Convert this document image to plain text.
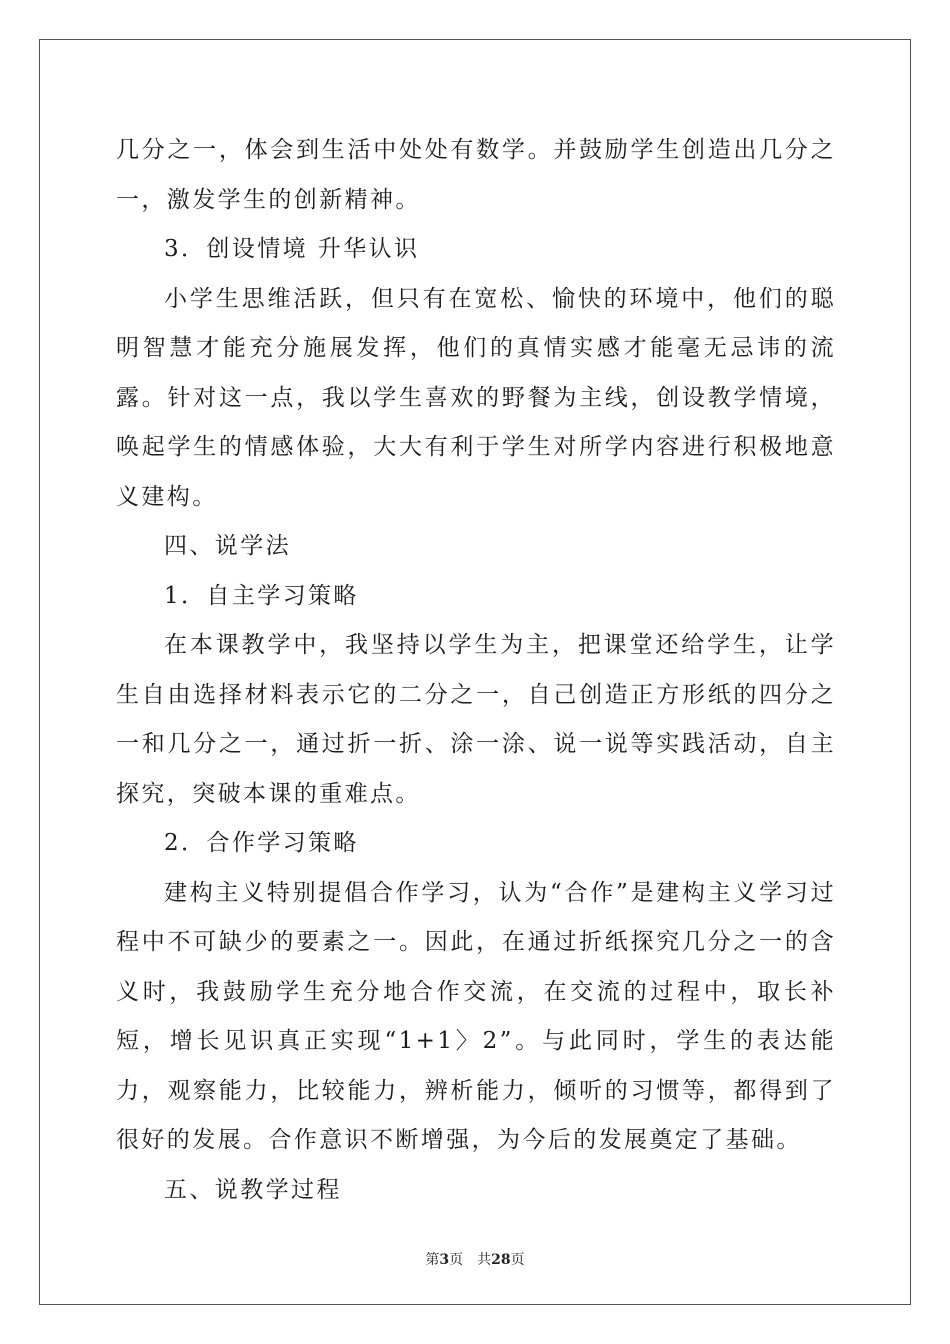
几分之一，体会到生活中处处有数学。并鼓励学生创造出几分之一，激发学生的创新精神。

3．创设情境 升华认识

小学生思维活跃，但只有在宽松、愉快的环境中，他们的聪明智慧才能充分施展发挥，他们的真情实感才能毫无忌讳的流露。针对这一点，我以学生喜欢的野餐为主线，创设教学情境，唤起学生的情感体验，大大有利于学生对所学内容进行积极地意义建构。

四、说学法

1．自主学习策略

在本课教学中，我坚持以学生为主，把课堂还给学生，让学生自由选择材料表示它的二分之一，自己创造正方形纸的四分之一和几分之一，通过折一折、涂一涂、说一说等实践活动，自主探究，突破本课的重难点。

2．合作学习策略

建构主义特别提倡合作学习，认为“合作”是建构主义学习过程中不可缺少的要素之一。因此，在通过折纸探究几分之一的含义时，我鼓励学生充分地合作交流，在交流的过程中，取长补短，增长见识真正实现“1+1〉2”。与此同时，学生的表达能力，观察能力，比较能力，辨析能力，倾听的习惯等，都得到了很好的发展。合作意识不断增强，为今后的发展奠定了基础。

五、说教学过程

第3页　共28页
